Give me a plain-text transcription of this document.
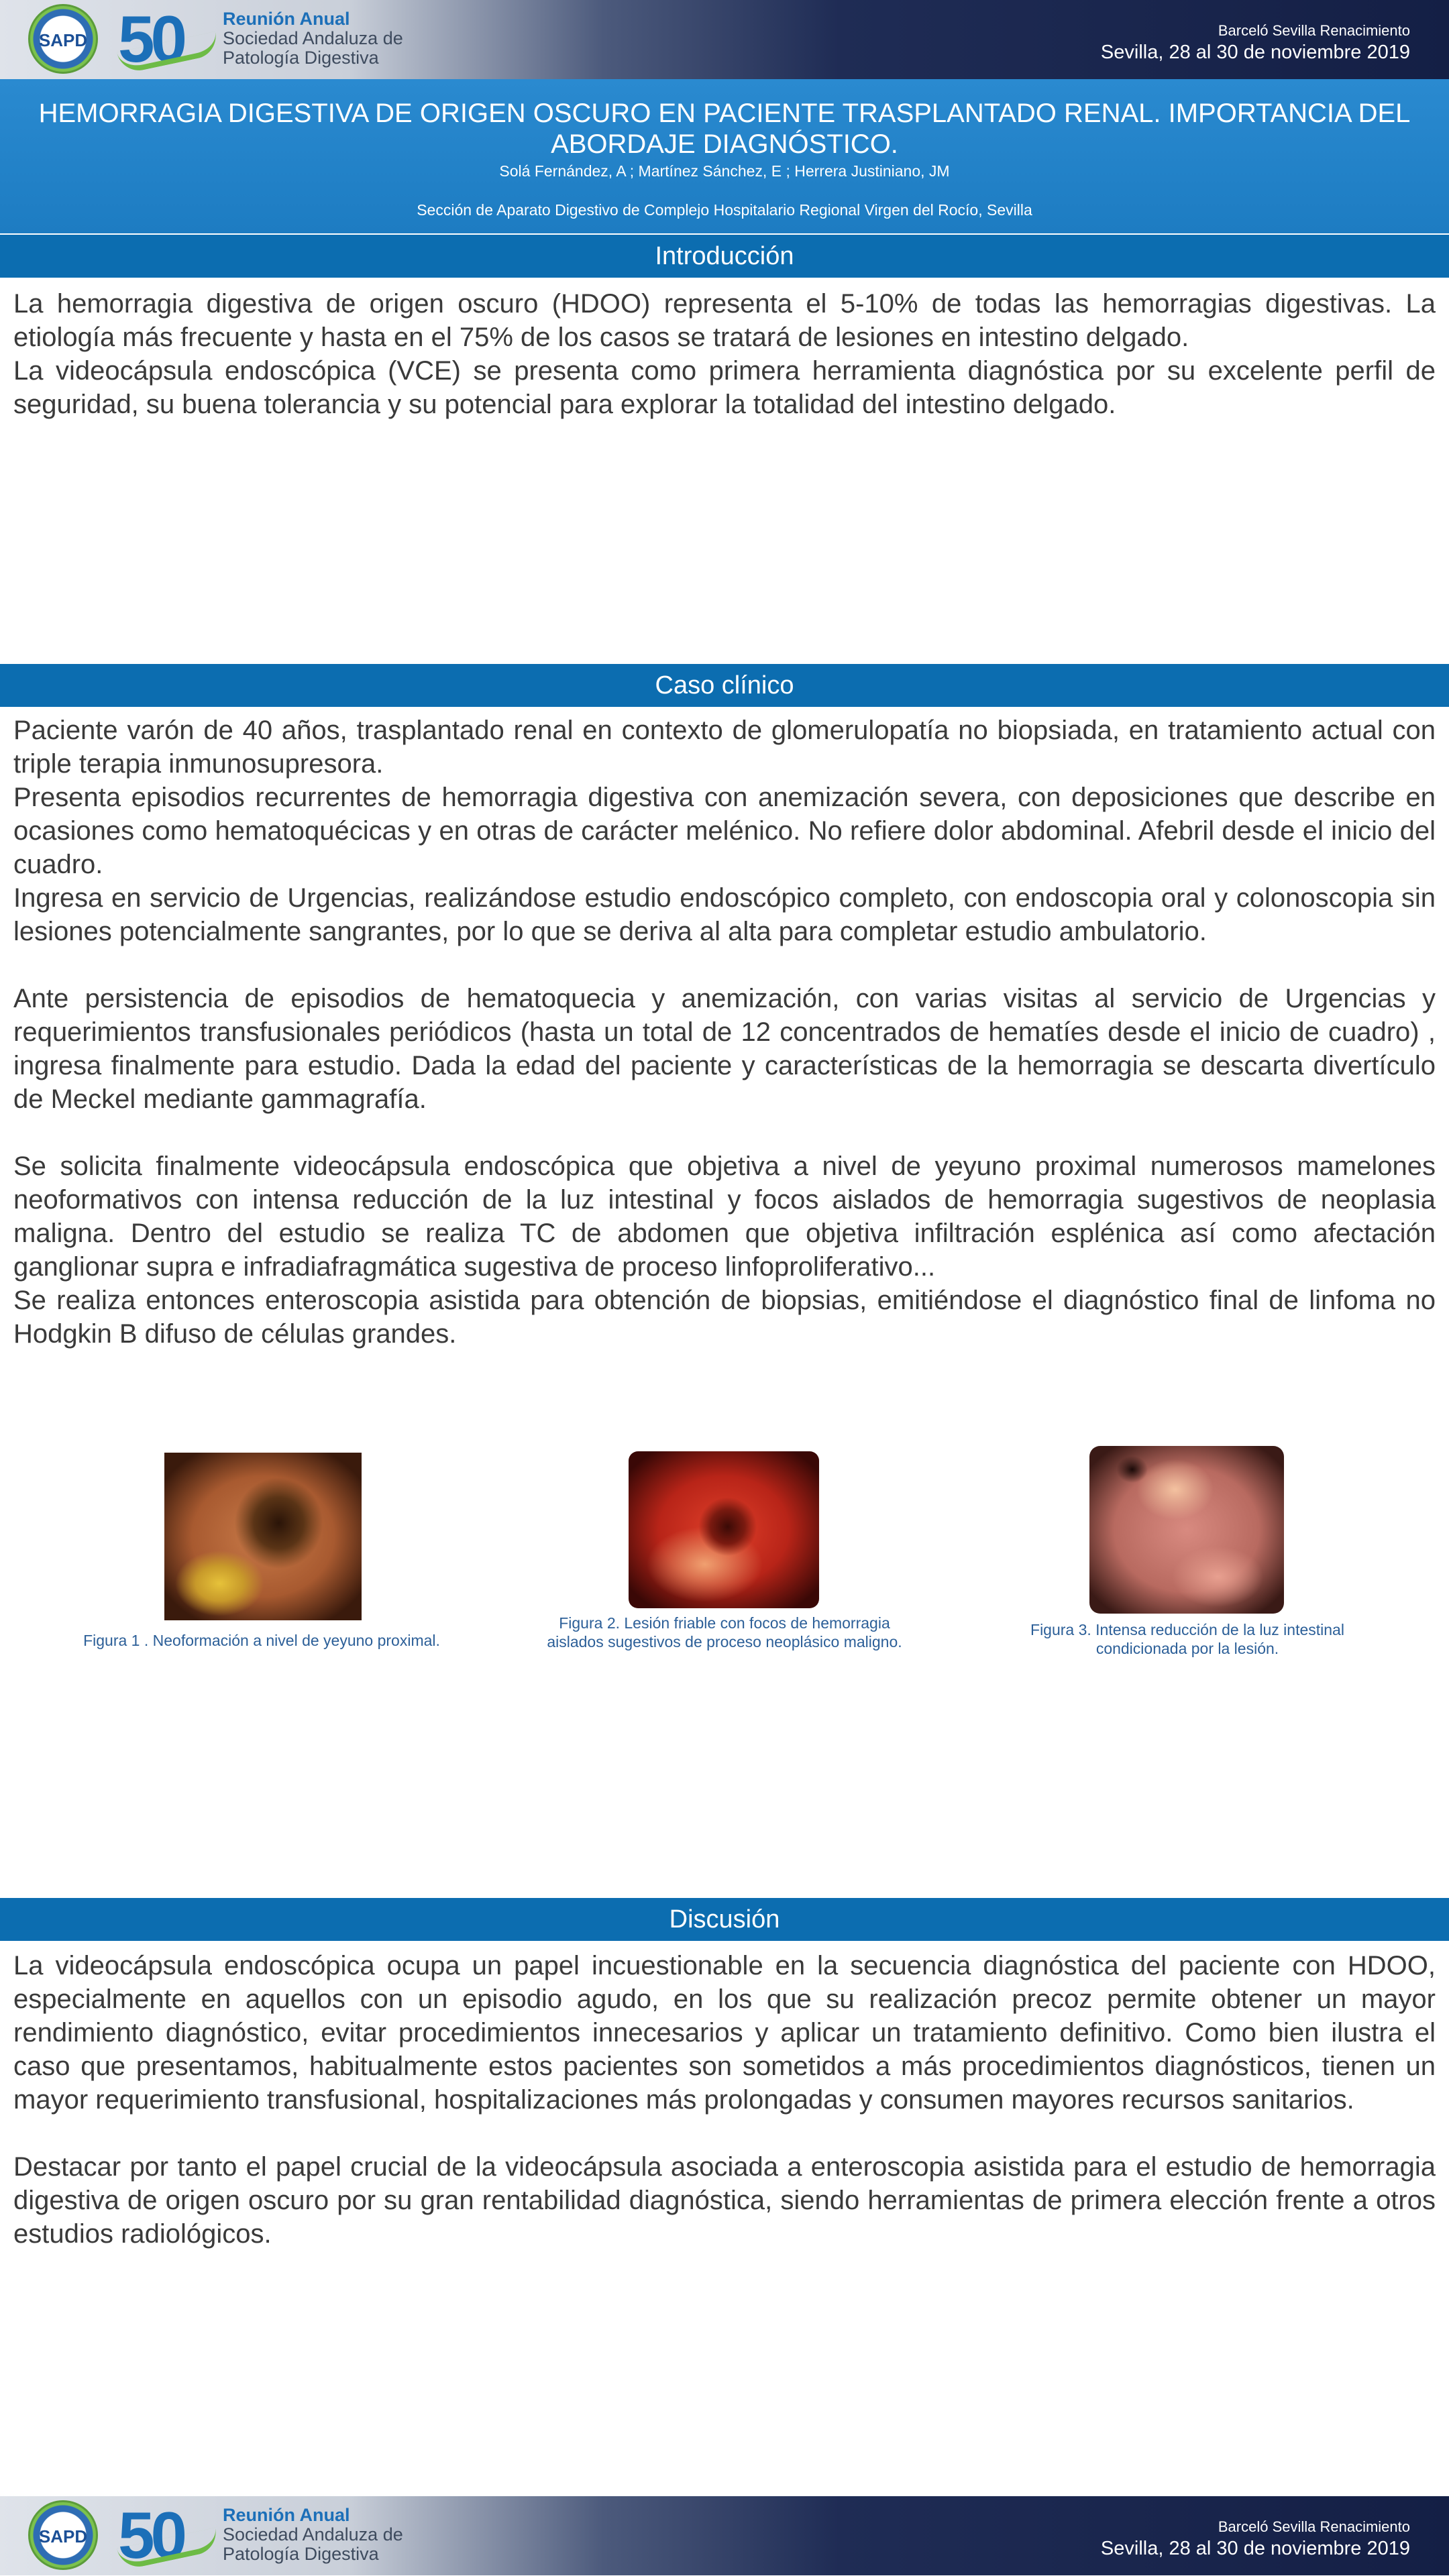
SAPD 50 Reunión Anual
Sociedad Andaluza de
Patología Digestiva
Barceló Sevilla Renacimiento
Sevilla, 28 al 30 de noviembre 2019
HEMORRAGIA DIGESTIVA DE ORIGEN OSCURO EN PACIENTE TRASPLANTADO RENAL. IMPORTANCIA DEL ABORDAJE DIAGNÓSTICO.
Solá Fernández, A ; Martínez Sánchez, E ; Herrera Justiniano, JM
Sección de Aparato Digestivo de Complejo Hospitalario Regional Virgen del Rocío, Sevilla
Introducción

La hemorragia digestiva de origen oscuro (HDOO) representa el 5-10% de todas las hemorragias digestivas. La etiología más frecuente y hasta en el 75% de los casos se tratará de lesiones en intestino delgado.

La videocápsula endoscópica (VCE) se presenta como primera herramienta diagnóstica por su excelente perfil de seguridad, su buena tolerancia y su potencial para explorar la totalidad del intestino delgado.

Caso clínico

Paciente varón de 40 años, trasplantado renal en contexto de glomerulopatía no biopsiada, en tratamiento actual con triple terapia inmunosupresora.

Presenta episodios recurrentes de hemorragia digestiva con anemización severa, con deposiciones que describe en ocasiones como hematoquécicas y en otras de carácter melénico. No refiere dolor abdominal. Afebril desde el inicio del cuadro.

Ingresa en servicio de Urgencias, realizándose estudio endoscópico completo, con endoscopia oral y colonoscopia sin lesiones potencialmente sangrantes, por lo que se deriva al alta para completar estudio ambulatorio.

Ante persistencia de episodios de hematoquecia y anemización, con varias visitas al servicio de Urgencias y requerimientos transfusionales periódicos (hasta un total de 12 concentrados de hematíes desde el inicio de cuadro) , ingresa finalmente para estudio. Dada la edad del paciente y características de la hemorragia se descarta divertículo de Meckel mediante gammagrafía.

Se solicita finalmente videocápsula endoscópica que objetiva a nivel de yeyuno proximal numerosos mamelones neoformativos con intensa reducción de la luz intestinal y focos aislados de hemorragia sugestivos de neoplasia maligna. Dentro del estudio se realiza TC de abdomen que objetiva infiltración esplénica así como afectación ganglionar supra e infradiafragmática sugestiva de proceso linfoproliferativo...

Se realiza entonces enteroscopia asistida para obtención de biopsias, emitiéndose el diagnóstico final de linfoma no Hodgkin B difuso de células grandes.

Figura 1 . Neoformación a nivel de yeyuno proximal.
Figura 2. Lesión friable con focos de hemorragia aislados sugestivos de proceso neoplásico maligno.
Figura 3. Intensa reducción de la luz intestinal condicionada por la lesión.
Discusión

La videocápsula endoscópica ocupa un papel incuestionable en la secuencia diagnóstica del paciente con HDOO, especialmente en aquellos con un episodio agudo, en los que su realización precoz permite obtener un mayor rendimiento diagnóstico, evitar procedimientos innecesarios y aplicar un tratamiento definitivo. Como bien ilustra el caso que presentamos, habitualmente estos pacientes son sometidos a más procedimientos diagnósticos, tienen un mayor requerimiento transfusional, hospitalizaciones más prolongadas y consumen mayores recursos sanitarios.

Destacar por tanto el papel crucial de la videocápsula asociada a enteroscopia asistida para el estudio de hemorragia digestiva de origen oscuro por su gran rentabilidad diagnóstica, siendo herramientas de primera elección frente a otros estudios radiológicos.

SAPD 50 Reunión Anual
Sociedad Andaluza de
Patología Digestiva
Barceló Sevilla Renacimiento
Sevilla, 28 al 30 de noviembre 2019
